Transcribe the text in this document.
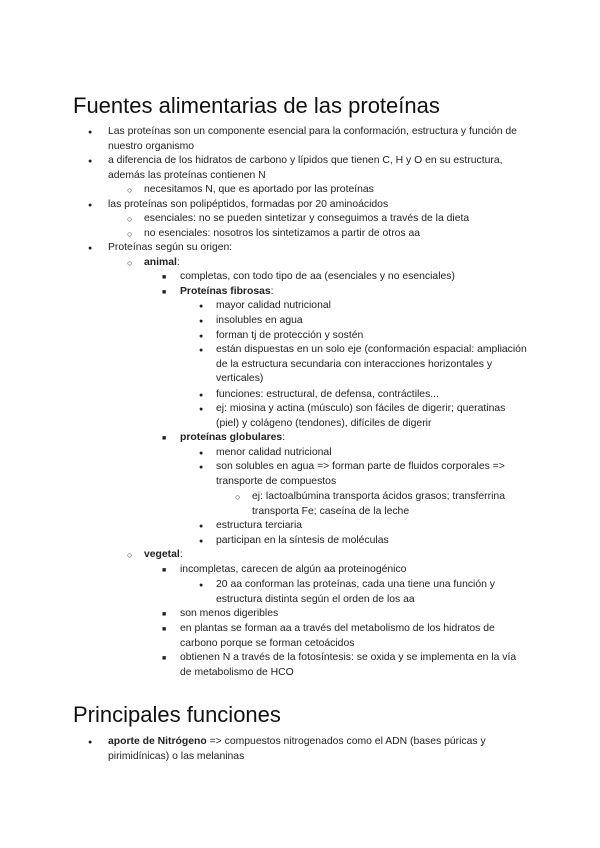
Fuentes alimentarias de las proteínas
●
Las proteínas son un componente esencial para la conformación, estructura y función de nuestro organismo
●
a diferencia de los hidratos de carbono y lípidos que tienen C, H y O en su estructura, además las proteínas contienen N
○
necesitamos N, que es aportado por las proteínas
●
las proteínas son polipéptidos, formadas por 20 aminoácidos
○
esenciales: no se pueden sintetizar y conseguimos a través de la dieta
○
no esenciales: nosotros los sintetizamos a partir de otros aa
●
Proteínas según su origen:
○
animal:
■
completas, con todo tipo de aa (esenciales y no esenciales)
■
Proteínas fibrosas:
●
mayor calidad nutricional
●
insolubles en agua
●
forman tj de protección y sostén
●
están dispuestas en un solo eje (conformación espacial: ampliación de la estructura secundaria con interacciones horizontales y verticales)
●
funciones: estructural, de defensa, contráctiles...
●
ej: miosina y actina (músculo) son fáciles de digerir; queratinas (piel) y colágeno (tendones), difíciles de digerir
■
proteínas globulares:
●
menor calidad nutricional
●
son solubles en agua => forman parte de fluidos corporales => transporte de compuestos
○
ej: lactoalbúmina transporta ácidos grasos; transferrina transporta Fe; caseína de la leche
●
estructura terciaria
●
participan en la síntesis de moléculas
○
vegetal:
■
incompletas, carecen de algún aa proteinogénico
●
20 aa conforman las proteínas, cada una tiene una función y estructura distinta según el orden de los aa
■
son menos digeribles
■
en plantas se forman aa a través del metabolismo de los hidratos de carbono porque se forman cetoácidos
■
obtienen N a través de la fotosíntesis: se oxida y se implementa en la vía de metabolismo de HCO
Principales funciones
●
aporte de Nitrógeno => compuestos nitrogenados como el ADN (bases púricas y pirimidínicas) o las melaninas
